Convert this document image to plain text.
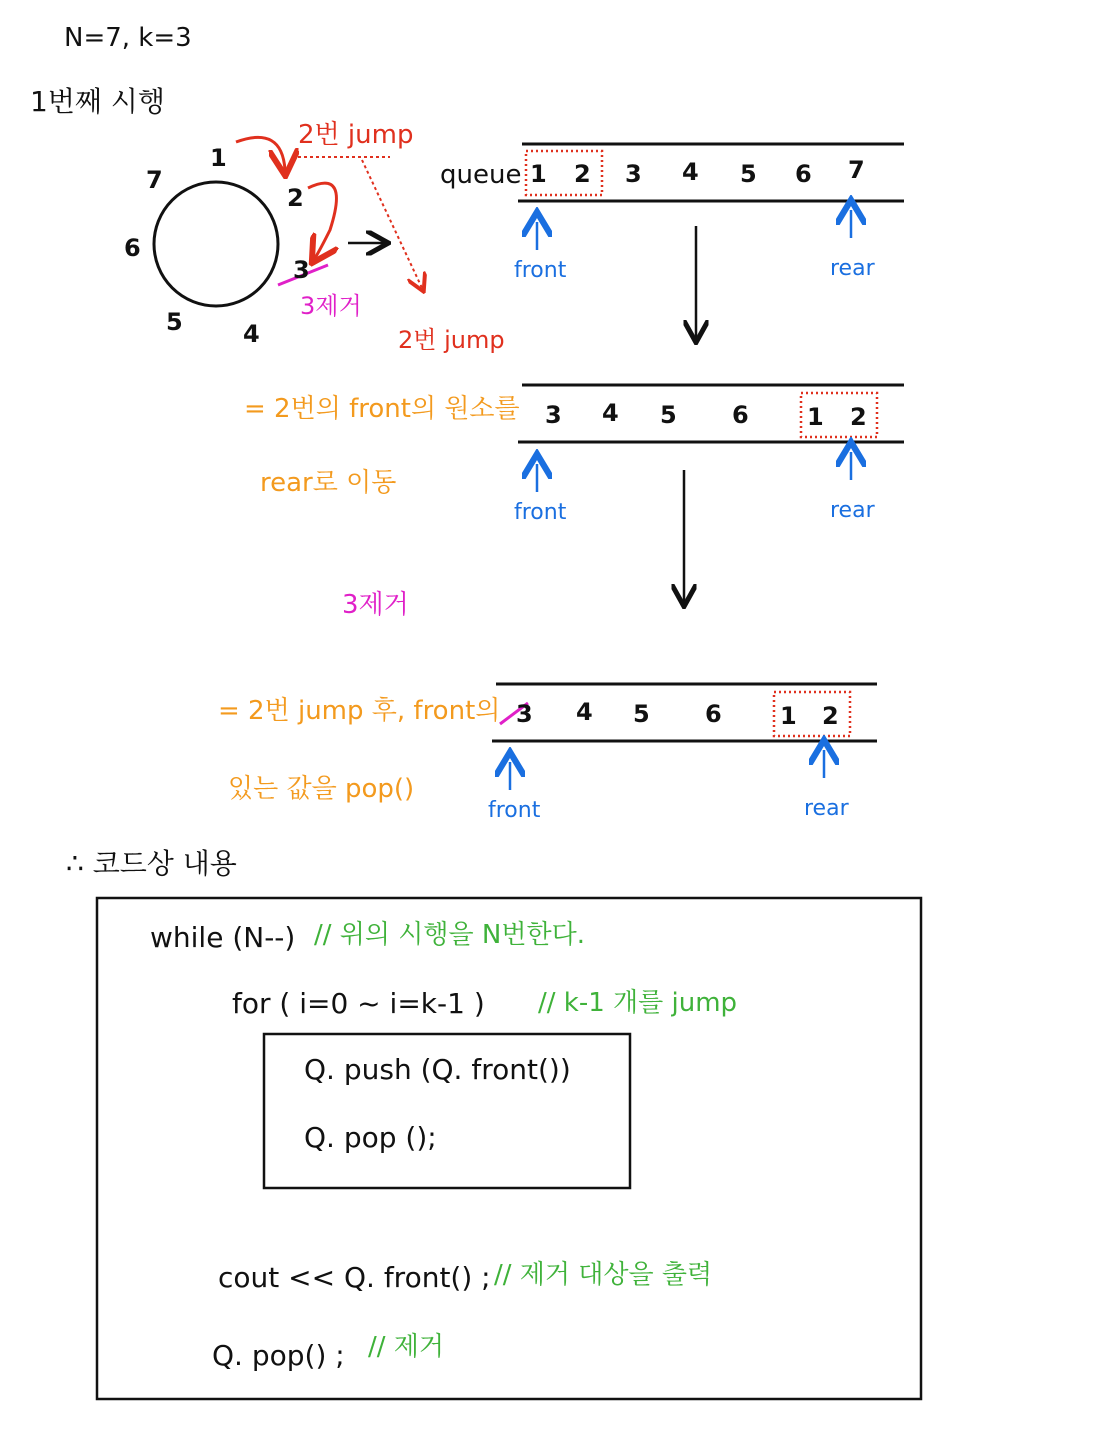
N=7, k=3
1번째 시행
1
2
3
4
5
6
7
3제거
2번 jump
2번 jump
queue 1 2 3 4 5 6 7
front	rear
3 4 5 6 1 2
front	rear
= 2번의 front의 원소를
rear로 이동
3제거
3 4 5 6 1 2
front	rear
= 2번 jump 후, front의
있는 값을 pop()
∴ 코드상 내용
while (N--) // 위의 시행을 N번한다.
for ( i=0 ~ i=k-1 ) // k-1 개를 jump
Q. push (Q. front())
Q. pop ();
cout << Q. front() ; // 제거 대상을 출력
Q. pop() ; // 제거
